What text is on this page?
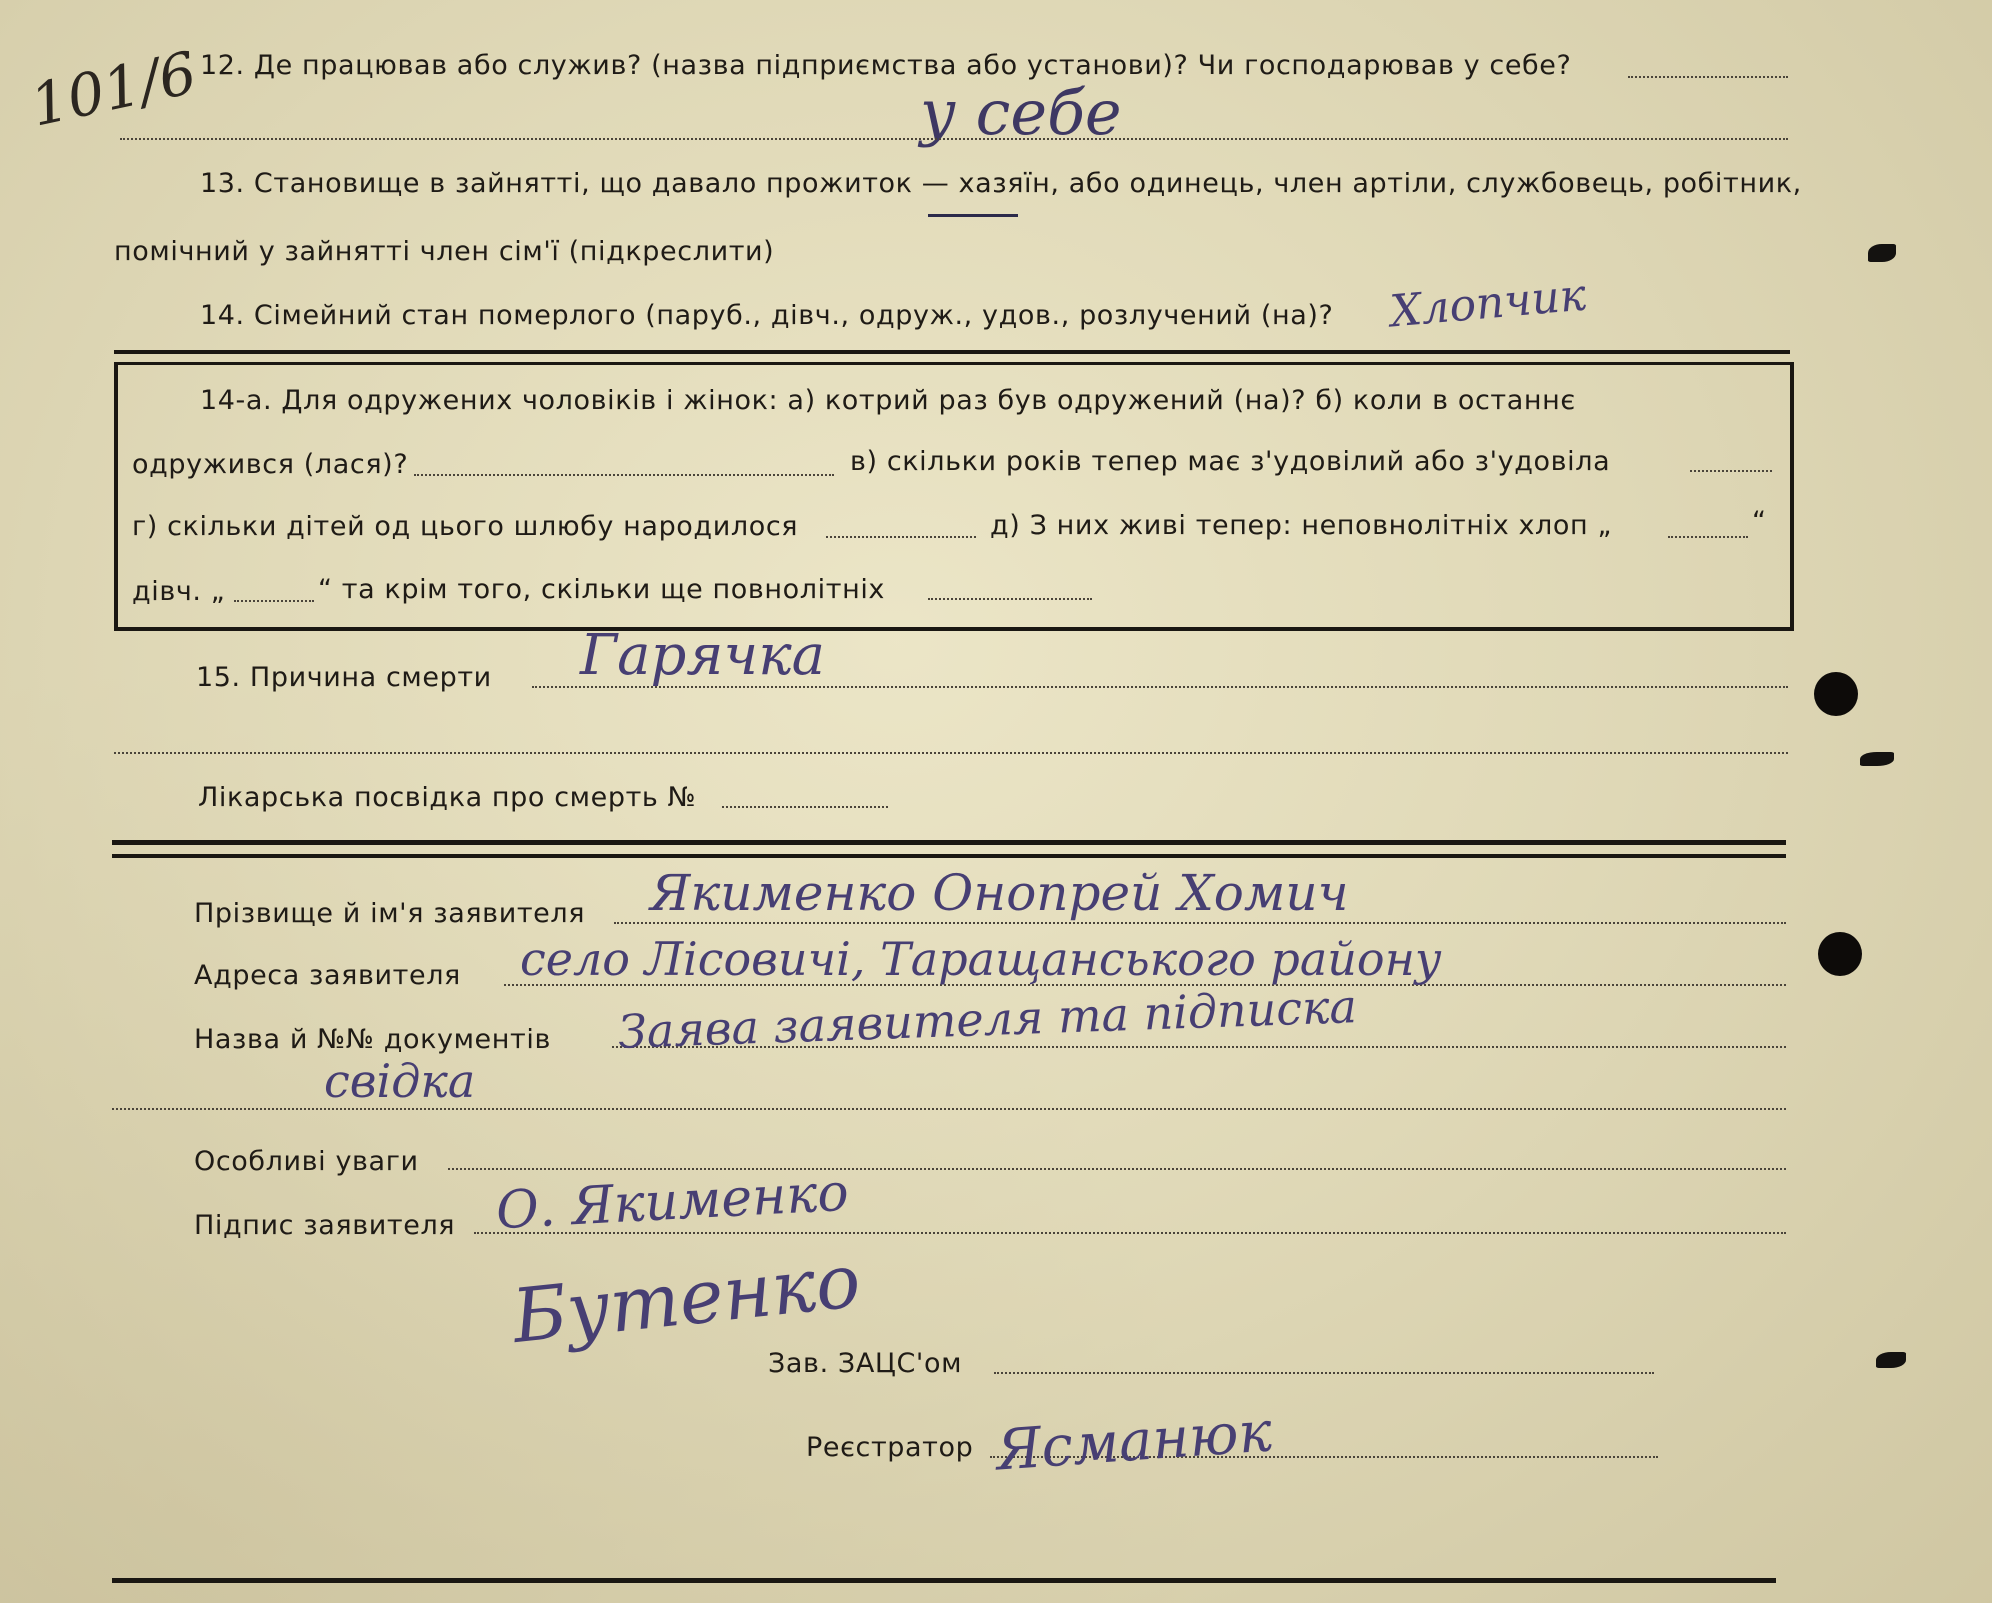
101/6
12. Де працював або служив? (назва підприємства або установи)? Чи господарював у себе?
у себе
13. Становище в зайнятті, що давало прожиток — хазяїн, або одинець, член артіли, службовець, робітник,
помічний у зайнятті член сім'ї (підкреслити)
14. Сімейний стан померлого (паруб., дівч., одруж., удов., розлучений (на)? Хлопчик
14-а. Для одружених чоловіків і жінок: а) котрий раз був одружений (на)? б) коли в останнє
одружився (лася)?	в) скільки років тепер має з'удовілий або з'удовіла
г) скільки дітей од цього шлюбу народилося	д) З них живі тепер: неповнолітніх хлоп „	“
дівч. „	“ та крім того, скільки ще повнолітніх
15. Причина смерти Гарячка
Лікарська посвідка про смерть №
Прізвище й ім'я заявителя Якименко Онопрей Хомич
Адреса заявителя село Лісовичі, Таращанського району
Назва й №№ документів Заява заявителя та підписка
свідка
Особливі уваги
Підпис заявителя О. Якименко
Бутенко
Зав. ЗАЦС'ом
Реєстратор Ясманюк
